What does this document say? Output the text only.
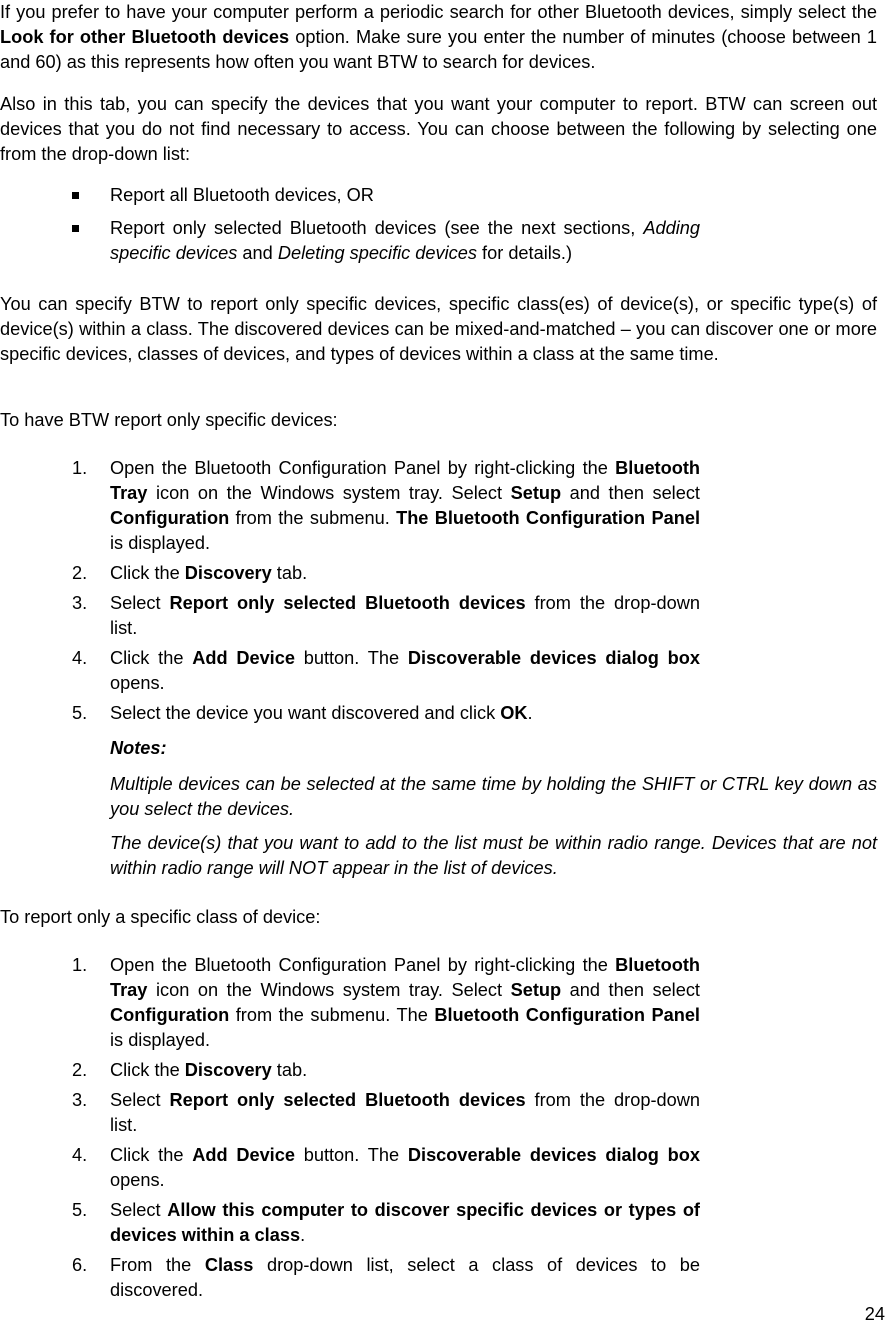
If you prefer to have your computer perform a periodic search for other Bluetooth devices, simply select the Look for other Bluetooth devices option. Make sure you enter the number of minutes (choose between 1 and 60) as this represents how often you want BTW to search for devices.

Also in this tab, you can specify the devices that you want your computer to report. BTW can screen out devices that you do not find necessary to access. You can choose between the following by selecting one from the drop-down list:

Report all Bluetooth devices, OR
Report only selected Bluetooth devices (see the next sections, Adding specific devices and Deleting specific devices for details.)

You can specify BTW to report only specific devices, specific class(es) of device(s), or specific type(s) of device(s) within a class. The discovered devices can be mixed-and-matched – you can discover one or more specific devices, classes of devices, and types of devices within a class at the same time.

To have BTW report only specific devices:

1. Open the Bluetooth Configuration Panel by right-clicking the Bluetooth Tray icon on the Windows system tray. Select Setup and then select Configuration from the submenu. The Bluetooth Configuration Panel is displayed.
2. Click the Discovery tab.
3. Select Report only selected Bluetooth devices from the drop-down list.
4. Click the Add Device button. The Discoverable devices dialog box opens.
5. Select the device you want discovered and click OK.

Notes:

Multiple devices can be selected at the same time by holding the SHIFT or CTRL key down as you select the devices.

The device(s) that you want to add to the list must be within radio range. Devices that are not within radio range will NOT appear in the list of devices.

To report only a specific class of device:

1. Open the Bluetooth Configuration Panel by right-clicking the Bluetooth Tray icon on the Windows system tray. Select Setup and then select Configuration from the submenu. The Bluetooth Configuration Panel is displayed.
2. Click the Discovery tab.
3. Select Report only selected Bluetooth devices from the drop-down list.
4. Click the Add Device button. The Discoverable devices dialog box opens.
5. Select Allow this computer to discover specific devices or types of devices within a class.
6. From the Class drop-down list, select a class of devices to be discovered.
24
